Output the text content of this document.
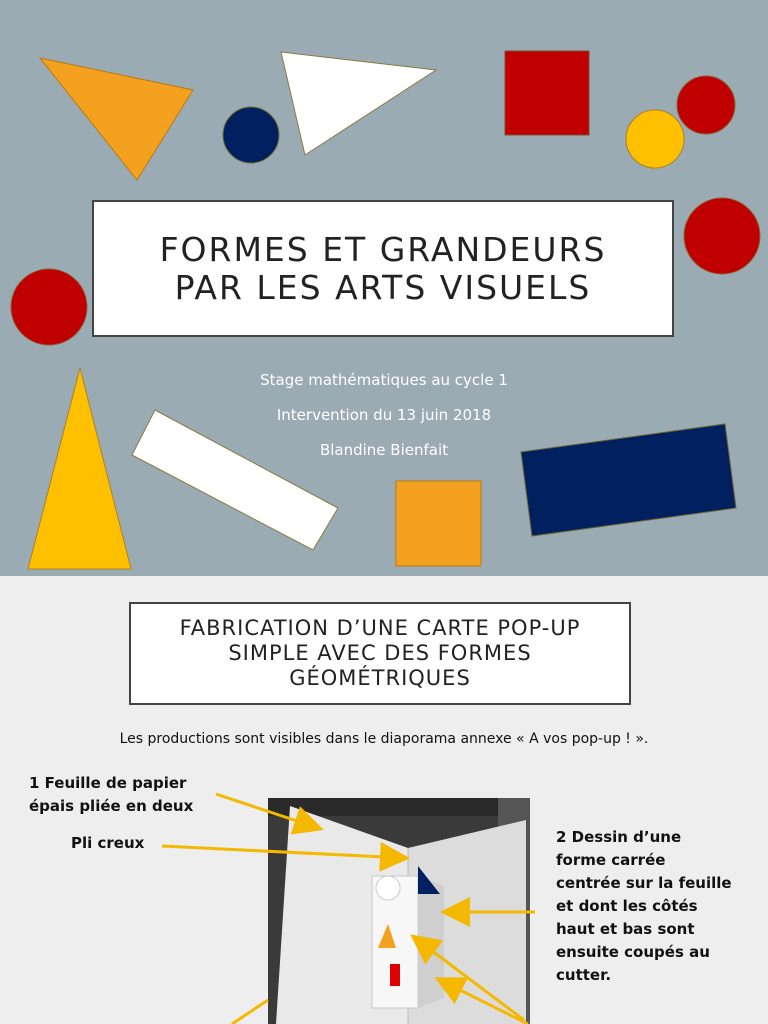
FORMES ET GRANDEURS
PAR LES ARTS VISUELS
Stage mathématiques au cycle 1
Intervention du 13 juin 2018
Blandine Bienfait
FABRICATION D’UNE CARTE POP-UP
SIMPLE AVEC DES FORMES
GÉOMÉTRIQUES
Les productions sont visibles dans le diaporama annexe « A vos pop-up ! ».
1 Feuille de papier
épais pliée en deux
Pli creux	2 Dessin d’une
forme carrée
centrée sur la feuille
et dont les côtés
haut et bas sont
ensuite coupés au
cutter.
